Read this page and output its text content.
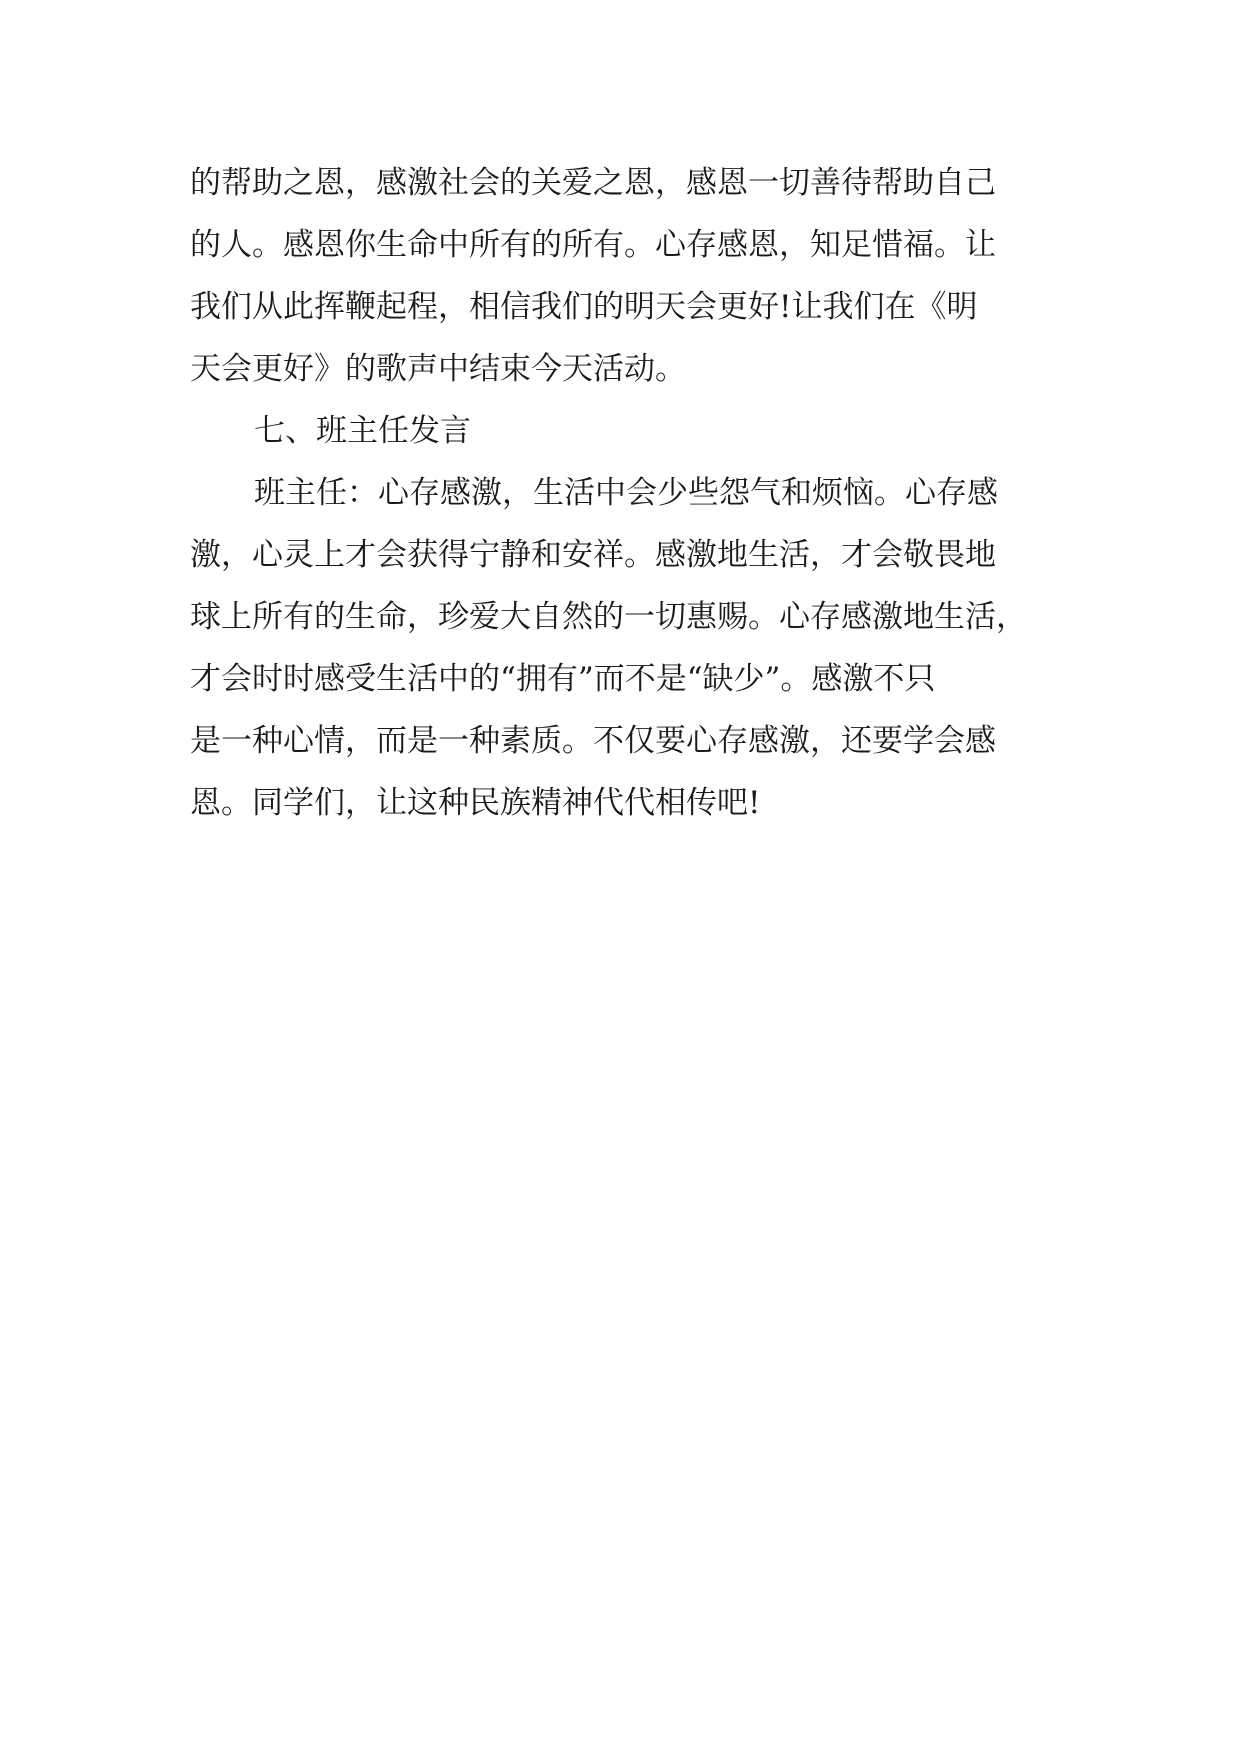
的帮助之恩，感激社会的关爱之恩，感恩一切善待帮助自己
的人。感恩你生命中所有的所有。心存感恩，知足惜福。让
我们从此挥鞭起程，相信我们的明天会更好!让我们在《明
天会更好》的歌声中结束今天活动。
七、班主任发言
班主任：心存感激，生活中会少些怨气和烦恼。心存感
激，心灵上才会获得宁静和安祥。感激地生活，才会敬畏地
球上所有的生命，珍爱大自然的一切惠赐。心存感激地生活，
才会时时感受生活中的“拥有”而不是“缺少”。感激不只
是一种心情，而是一种素质。不仅要心存感激，还要学会感
恩。同学们，让这种民族精神代代相传吧!
